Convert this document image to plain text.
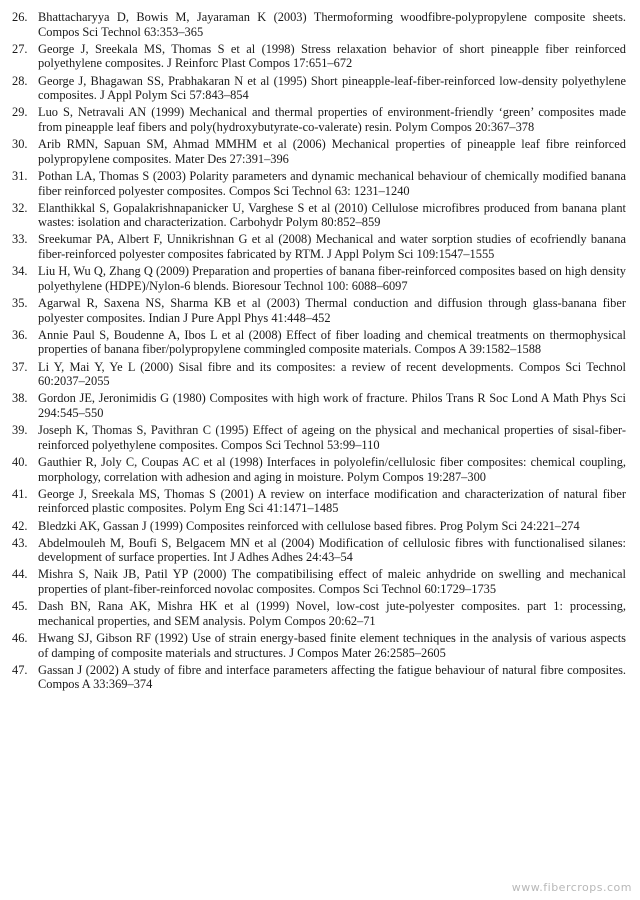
26. Bhattacharyya D, Bowis M, Jayaraman K (2003) Thermoforming woodfibre-polypropylene composite sheets. Compos Sci Technol 63:353–365
27. George J, Sreekala MS, Thomas S et al (1998) Stress relaxation behavior of short pineapple fiber reinforced polyethylene composites. J Reinforc Plast Compos 17:651–672
28. George J, Bhagawan SS, Prabhakaran N et al (1995) Short pineapple-leaf-fiber-reinforced low-density polyethylene composites. J Appl Polym Sci 57:843–854
29. Luo S, Netravali AN (1999) Mechanical and thermal properties of environment-friendly ‘green’ composites made from pineapple leaf fibers and poly(hydroxybutyrate-co-valerate) resin. Polym Compos 20:367–378
30. Arib RMN, Sapuan SM, Ahmad MMHM et al (2006) Mechanical properties of pineapple leaf fibre reinforced polypropylene composites. Mater Des 27:391–396
31. Pothan LA, Thomas S (2003) Polarity parameters and dynamic mechanical behaviour of chemically modified banana fiber reinforced polyester composites. Compos Sci Technol 63: 1231–1240
32. Elanthikkal S, Gopalakrishnapanicker U, Varghese S et al (2010) Cellulose microfibres produced from banana plant wastes: isolation and characterization. Carbohydr Polym 80:852–859
33. Sreekumar PA, Albert F, Unnikrishnan G et al (2008) Mechanical and water sorption studies of ecofriendly banana fiber-reinforced polyester composites fabricated by RTM. J Appl Polym Sci 109:1547–1555
34. Liu H, Wu Q, Zhang Q (2009) Preparation and properties of banana fiber-reinforced composites based on high density polyethylene (HDPE)/Nylon-6 blends. Bioresour Technol 100: 6088–6097
35. Agarwal R, Saxena NS, Sharma KB et al (2003) Thermal conduction and diffusion through glass-banana fiber polyester composites. Indian J Pure Appl Phys 41:448–452
36. Annie Paul S, Boudenne A, Ibos L et al (2008) Effect of fiber loading and chemical treatments on thermophysical properties of banana fiber/polypropylene commingled composite materials. Compos A 39:1582–1588
37. Li Y, Mai Y, Ye L (2000) Sisal fibre and its composites: a review of recent developments. Compos Sci Technol 60:2037–2055
38. Gordon JE, Jeronimidis G (1980) Composites with high work of fracture. Philos Trans R Soc Lond A Math Phys Sci 294:545–550
39. Joseph K, Thomas S, Pavithran C (1995) Effect of ageing on the physical and mechanical properties of sisal-fiber-reinforced polyethylene composites. Compos Sci Technol 53:99–110
40. Gauthier R, Joly C, Coupas AC et al (1998) Interfaces in polyolefin/cellulosic fiber composites: chemical coupling, morphology, correlation with adhesion and aging in moisture. Polym Compos 19:287–300
41. George J, Sreekala MS, Thomas S (2001) A review on interface modification and characterization of natural fiber reinforced plastic composites. Polym Eng Sci 41:1471–1485
42. Bledzki AK, Gassan J (1999) Composites reinforced with cellulose based fibres. Prog Polym Sci 24:221–274
43. Abdelmouleh M, Boufi S, Belgacem MN et al (2004) Modification of cellulosic fibres with functionalised silanes: development of surface properties. Int J Adhes Adhes 24:43–54
44. Mishra S, Naik JB, Patil YP (2000) The compatibilising effect of maleic anhydride on swelling and mechanical properties of plant-fiber-reinforced novolac composites. Compos Sci Technol 60:1729–1735
45. Dash BN, Rana AK, Mishra HK et al (1999) Novel, low-cost jute-polyester composites. part 1: processing, mechanical properties, and SEM analysis. Polym Compos 20:62–71
46. Hwang SJ, Gibson RF (1992) Use of strain energy-based finite element techniques in the analysis of various aspects of damping of composite materials and structures. J Compos Mater 26:2585–2605
47. Gassan J (2002) A study of fibre and interface parameters affecting the fatigue behaviour of natural fibre composites. Compos A 33:369–374
www.fibercrops.com
